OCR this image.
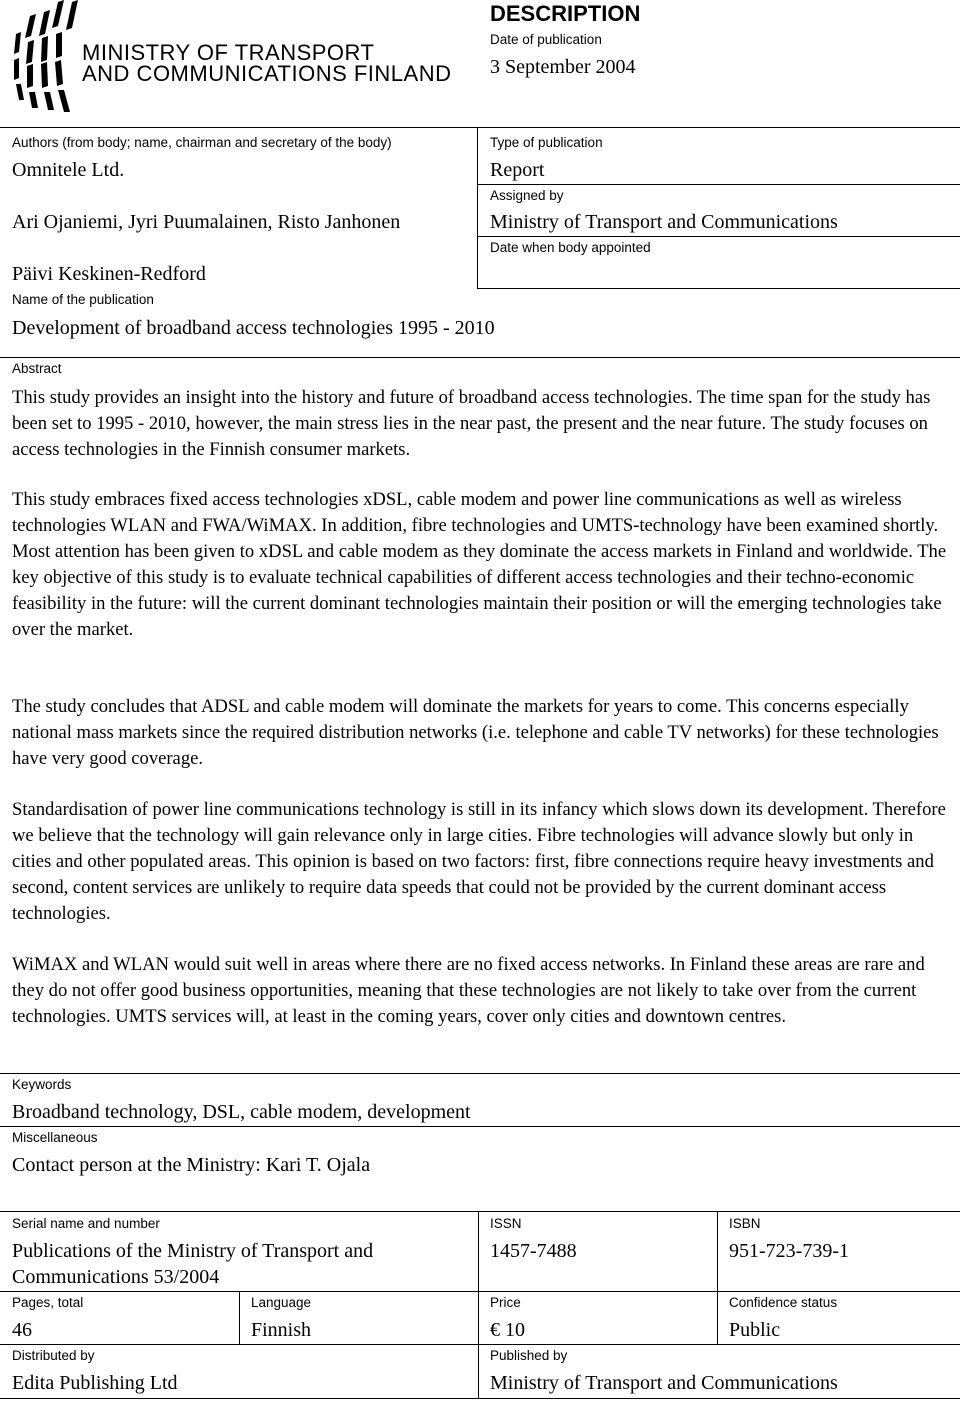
MINISTRY OF TRANSPORT
AND COMMUNICATIONS FINLAND
DESCRIPTION
Date of publication
3 September 2004
Authors (from body; name, chairman and secretary of the body)
Omnitele Ltd.
Ari Ojaniemi, Jyri Puumalainen, Risto Janhonen
Päivi Keskinen-Redford
Type of publication
Report
Assigned by
Ministry of Transport and Communications
Date when body appointed
Name of the publication
Development of broadband access technologies 1995 - 2010
Abstract

This study provides an insight into the history and future of broadband access technologies. The time span for the study has been set to 1995 - 2010, however, the main stress lies in the near past, the present and the near future. The study focuses on access technologies in the Finnish consumer markets.

This study embraces fixed access technologies xDSL, cable modem and power line communications as well as wireless technologies WLAN and FWA/WiMAX. In addition, fibre technologies and UMTS-technology have been examined shortly. Most attention has been given to xDSL and cable modem as they dominate the access markets in Finland and worldwide. The key objective of this study is to evaluate technical capabilities of different access technologies and their techno-economic feasibility in the future: will the current dominant technologies maintain their position or will the emerging technologies take over the market.

The study concludes that ADSL and cable modem will dominate the markets for years to come. This concerns especially national mass markets since the required distribution networks (i.e. telephone and cable TV networks) for these technologies have very good coverage.

Standardisation of power line communications technology is still in its infancy which slows down its development. Therefore we believe that the technology will gain relevance only in large cities. Fibre technologies will advance slowly but only in cities and other populated areas. This opinion is based on two factors: first, fibre connections require heavy investments and second, content services are unlikely to require data speeds that could not be provided by the current dominant access technologies.

WiMAX and WLAN would suit well in areas where there are no fixed access networks. In Finland these areas are rare and they do not offer good business opportunities, meaning that these technologies are not likely to take over from the current technologies. UMTS services will, at least in the coming years, cover only cities and downtown centres.

Keywords
Broadband technology, DSL, cable modem, development
Miscellaneous
Contact person at the Ministry: Kari T. Ojala
Serial name and number
Publications of the Ministry of Transport and
Communications 53/2004
ISSN
1457-7488
ISBN
951-723-739-1
Pages, total
46
Language
Finnish
Price
€ 10
Confidence status
Public
Distributed by
Edita Publishing Ltd
Published by
Ministry of Transport and Communications
